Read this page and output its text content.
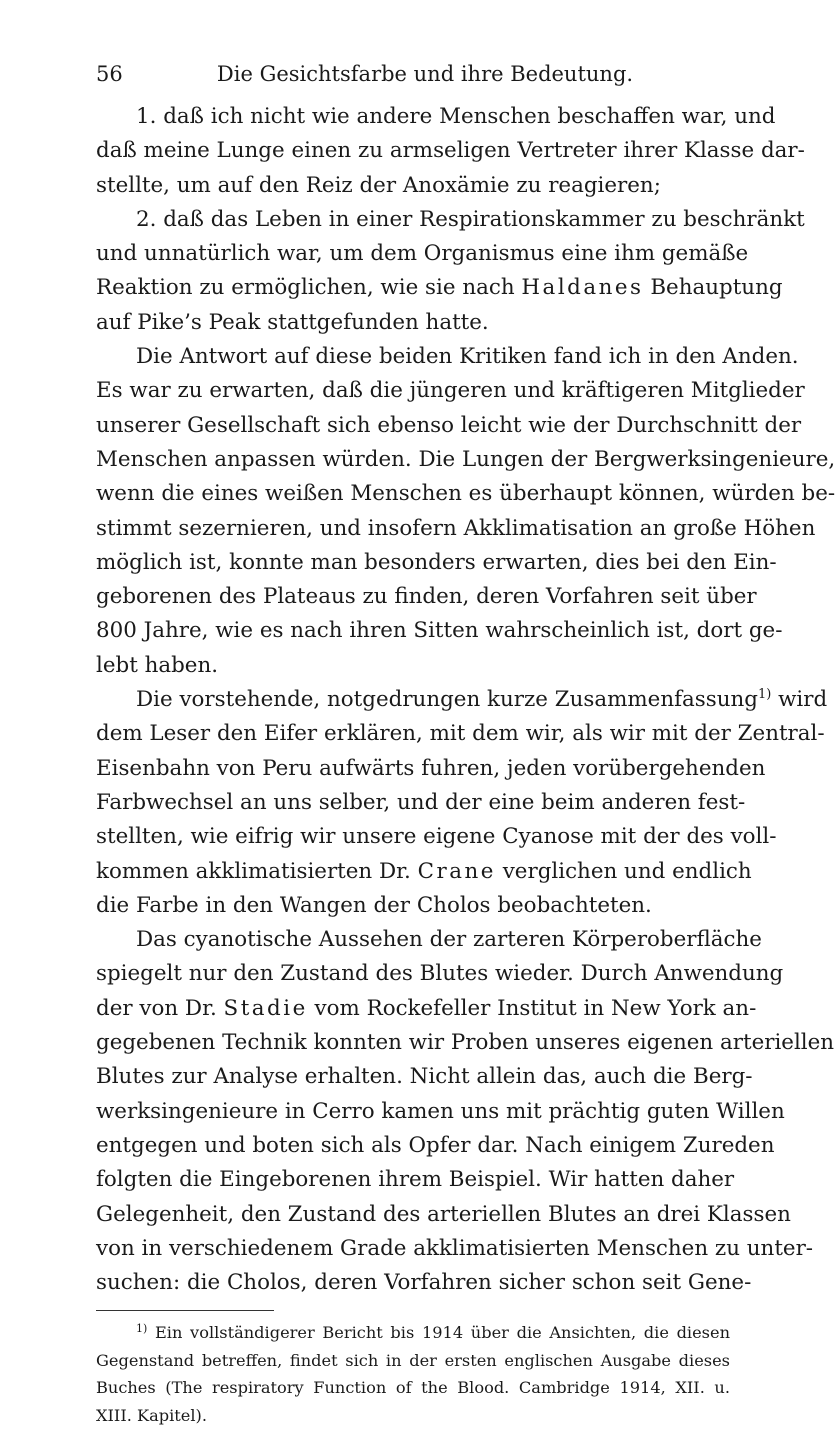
56	Die Gesichtsfarbe und ihre Bedeutung.
1. daß ich nicht wie andere Menschen beschaffen war, und
daß meine Lunge einen zu armseligen Vertreter ihrer Klasse dar-
stellte, um auf den Reiz der Anoxämie zu reagieren;
2. daß das Leben in einer Respirationskammer zu beschränkt
und unnatürlich war, um dem Organismus eine ihm gemäße
Reaktion zu ermöglichen, wie sie nach Haldanes Behauptung
auf Pike’s Peak stattgefunden hatte.
Die Antwort auf diese beiden Kritiken fand ich in den Anden.
Es war zu erwarten, daß die jüngeren und kräftigeren Mitglieder
unserer Gesellschaft sich ebenso leicht wie der Durchschnitt der
Menschen anpassen würden. Die Lungen der Bergwerksingenieure,
wenn die eines weißen Menschen es überhaupt können, würden be-
stimmt sezernieren, und insofern Akklimatisation an große Höhen
möglich ist, konnte man besonders erwarten, dies bei den Ein-
geborenen des Plateaus zu finden, deren Vorfahren seit über
800 Jahre, wie es nach ihren Sitten wahrscheinlich ist, dort ge-
lebt haben.
Die vorstehende, notgedrungen kurze Zusammenfassung$^{1)}$ wird
dem Leser den Eifer erklären, mit dem wir, als wir mit der Zentral-
Eisenbahn von Peru aufwärts fuhren, jeden vorübergehenden
Farbwechsel an uns selber, und der eine beim anderen fest-
stellten, wie eifrig wir unsere eigene Cyanose mit der des voll-
kommen akklimatisierten Dr. Crane verglichen und endlich
die Farbe in den Wangen der Cholos beobachteten.
Das cyanotische Aussehen der zarteren Körperoberfläche
spiegelt nur den Zustand des Blutes wieder. Durch Anwendung
der von Dr. Stadie vom Rockefeller Institut in New York an-
gegebenen Technik konnten wir Proben unseres eigenen arteriellen
Blutes zur Analyse erhalten. Nicht allein das, auch die Berg-
werksingenieure in Cerro kamen uns mit prächtig guten Willen
entgegen und boten sich als Opfer dar. Nach einigem Zureden
folgten die Eingeborenen ihrem Beispiel. Wir hatten daher
Gelegenheit, den Zustand des arteriellen Blutes an drei Klassen
von in verschiedenem Grade akklimatisierten Menschen zu unter-
suchen: die Cholos, deren Vorfahren sicher schon seit Gene-
$^{1)}$ Ein vollständigerer Bericht bis 1914 über die Ansichten, die diesen
Gegenstand betreffen, findet sich in der ersten englischen Ausgabe dieses
Buches (The respiratory Function of the Blood. Cambridge 1914, XII. u.
XIII. Kapitel).
